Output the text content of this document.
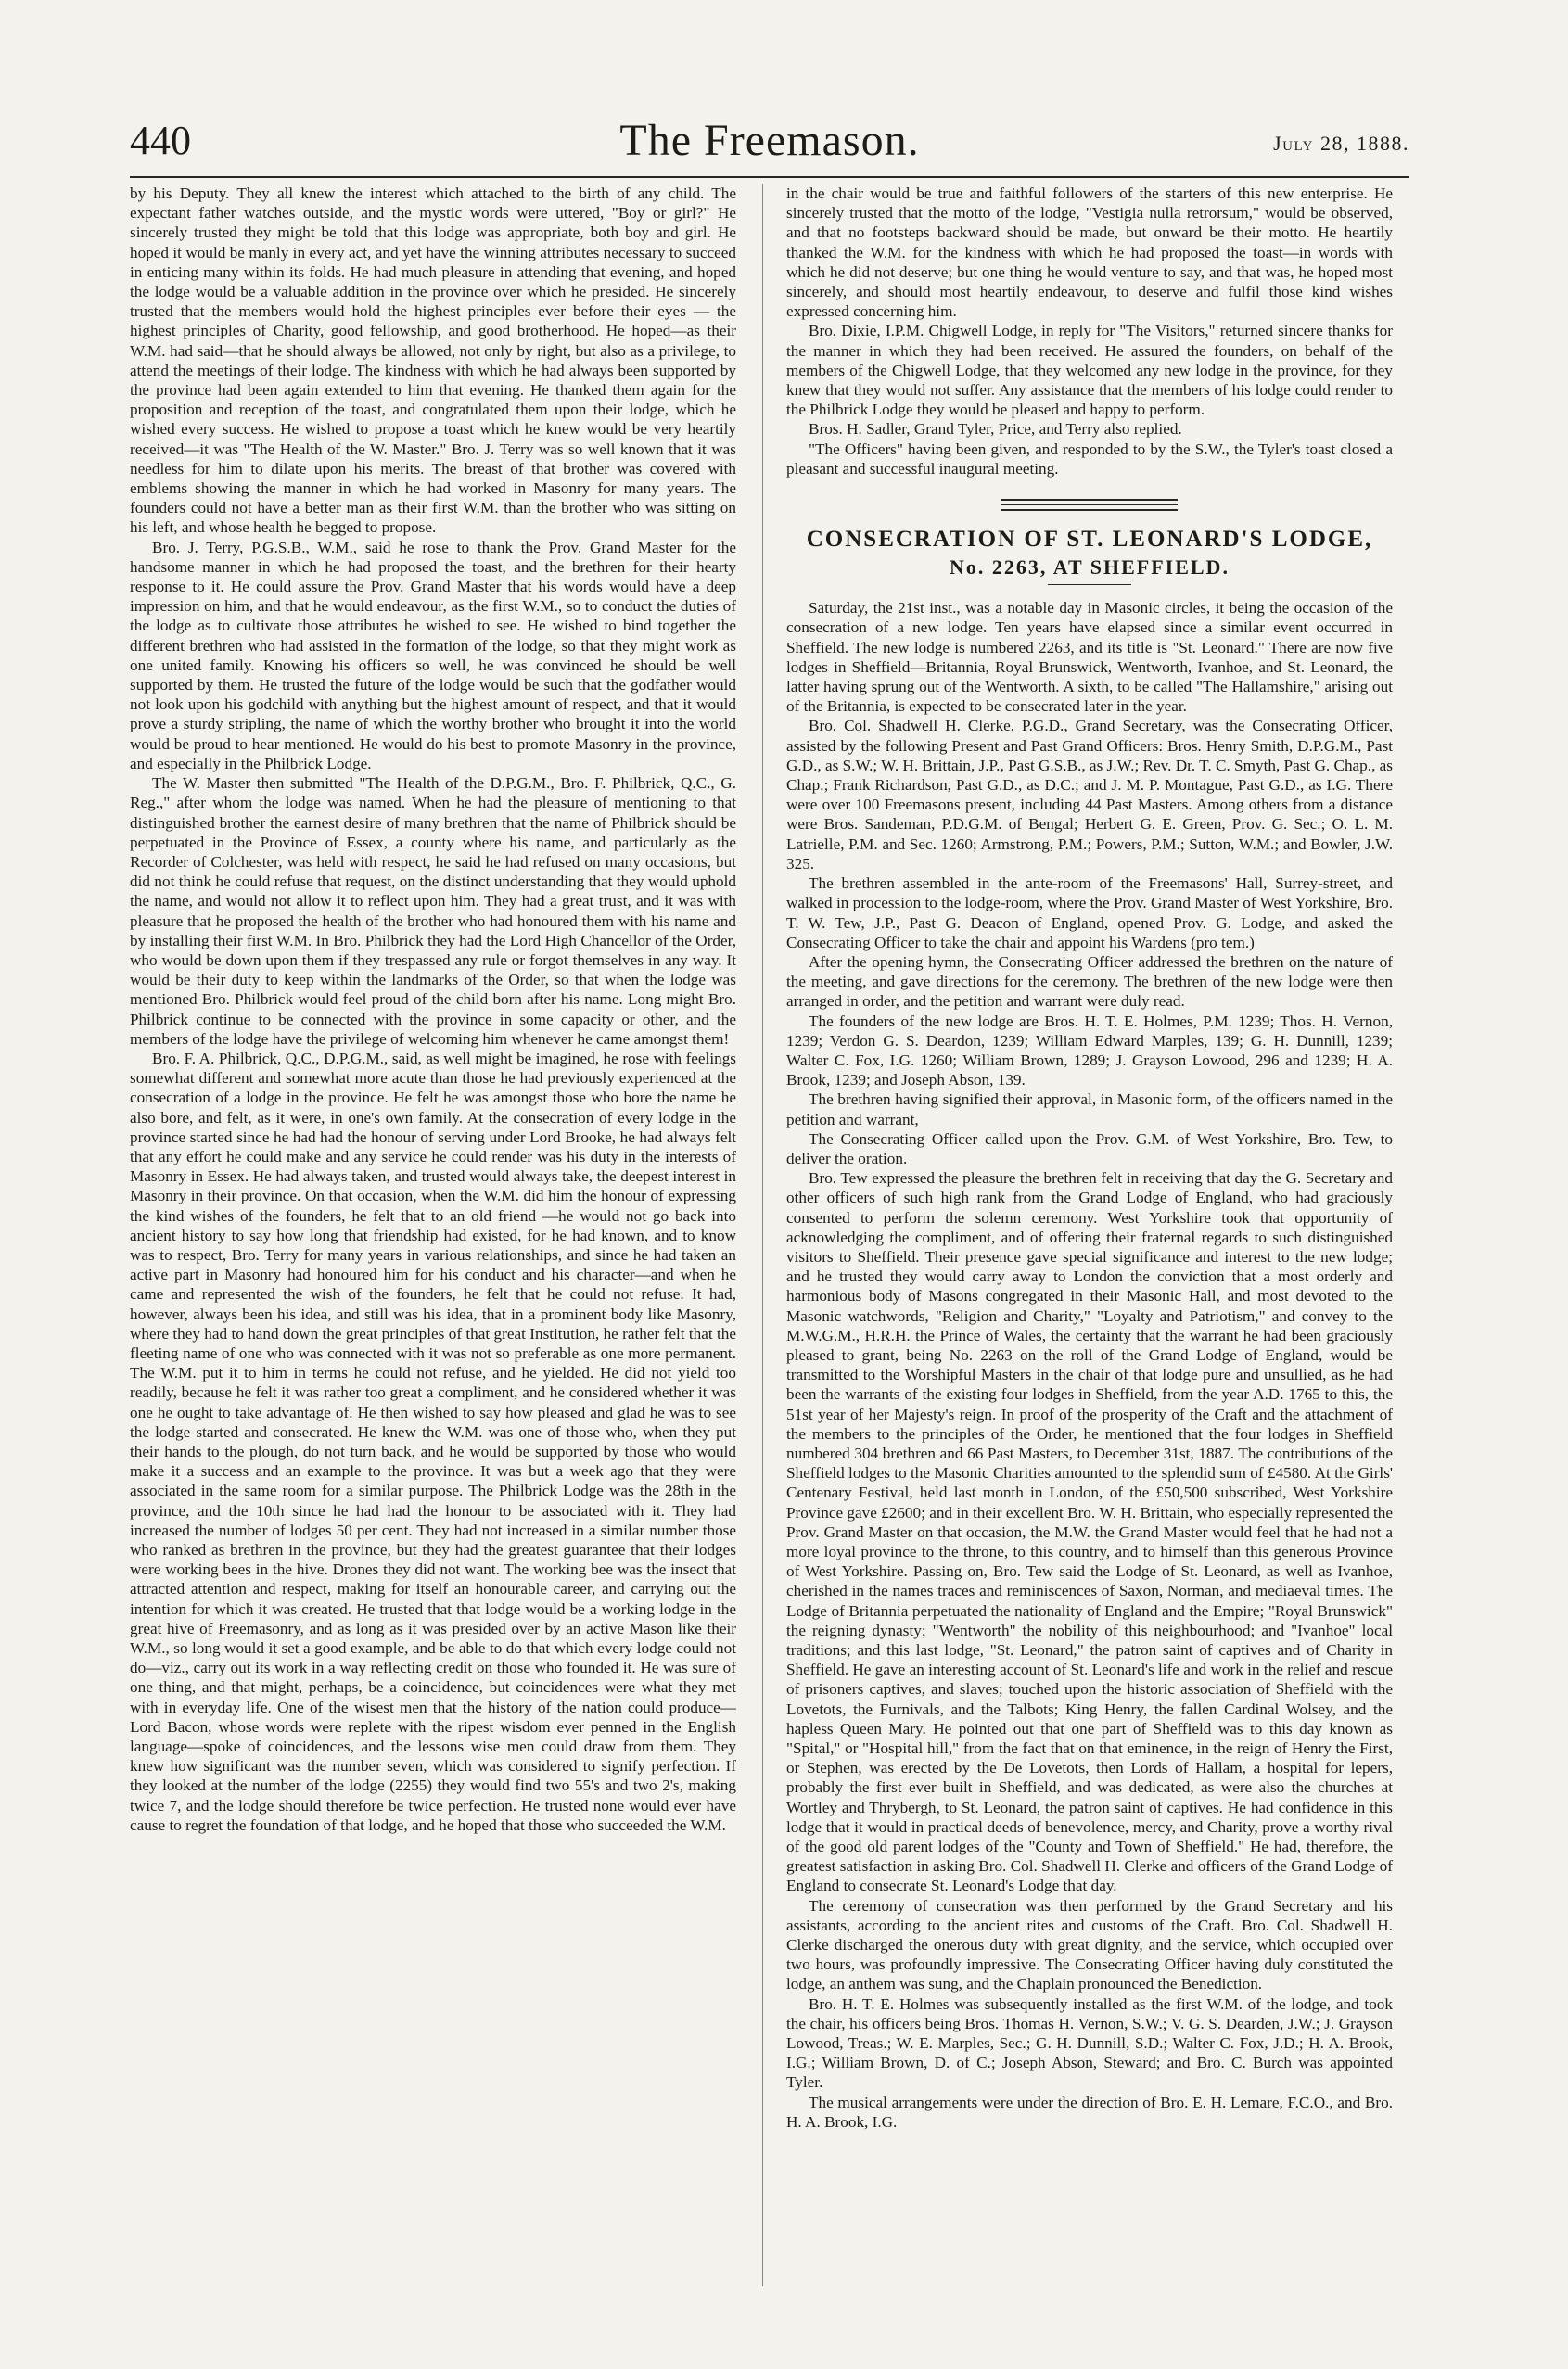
440	The Freemason.	July 28, 1888.

by his Deputy. They all knew the interest which attached to the birth of any child. The expectant father watches outside, and the mystic words were uttered, "Boy or girl?" He sincerely trusted they might be told that this lodge was appropriate, both boy and girl. He hoped it would be manly in every act, and yet have the winning attributes necessary to succeed in enticing many within its folds. He had much pleasure in attending that evening, and hoped the lodge would be a valuable addition in the province over which he presided. He sincerely trusted that the members would hold the highest principles ever before their eyes — the highest principles of Charity, good fellowship, and good brotherhood. He hoped—as their W.M. had said—that he should always be allowed, not only by right, but also as a privilege, to attend the meetings of their lodge. The kindness with which he had always been supported by the province had been again extended to him that evening. He thanked them again for the proposition and reception of the toast, and congratulated them upon their lodge, which he wished every success. He wished to propose a toast which he knew would be very heartily received—it was "The Health of the W. Master." Bro. J. Terry was so well known that it was needless for him to dilate upon his merits. The breast of that brother was covered with emblems showing the manner in which he had worked in Masonry for many years. The founders could not have a better man as their first W.M. than the brother who was sitting on his left, and whose health he begged to propose.

Bro. J. Terry, P.G.S.B., W.M., said he rose to thank the Prov. Grand Master for the handsome manner in which he had proposed the toast, and the brethren for their hearty response to it. He could assure the Prov. Grand Master that his words would have a deep impression on him, and that he would endeavour, as the first W.M., so to conduct the duties of the lodge as to cultivate those attributes he wished to see. He wished to bind together the different brethren who had assisted in the formation of the lodge, so that they might work as one united family. Knowing his officers so well, he was convinced he should be well supported by them. He trusted the future of the lodge would be such that the godfather would not look upon his godchild with anything but the highest amount of respect, and that it would prove a sturdy stripling, the name of which the worthy brother who brought it into the world would be proud to hear mentioned. He would do his best to promote Masonry in the province, and especially in the Philbrick Lodge.

The W. Master then submitted "The Health of the D.P.G.M., Bro. F. Philbrick, Q.C., G. Reg.," after whom the lodge was named. When he had the pleasure of mentioning to that distinguished brother the earnest desire of many brethren that the name of Philbrick should be perpetuated in the Province of Essex, a county where his name, and particularly as the Recorder of Colchester, was held with respect, he said he had refused on many occasions, but did not think he could refuse that request, on the distinct understanding that they would uphold the name, and would not allow it to reflect upon him. They had a great trust, and it was with pleasure that he proposed the health of the brother who had honoured them with his name and by installing their first W.M. In Bro. Philbrick they had the Lord High Chancellor of the Order, who would be down upon them if they trespassed any rule or forgot themselves in any way. It would be their duty to keep within the landmarks of the Order, so that when the lodge was mentioned Bro. Philbrick would feel proud of the child born after his name. Long might Bro. Philbrick continue to be connected with the province in some capacity or other, and the members of the lodge have the privilege of welcoming him whenever he came amongst them!

Bro. F. A. Philbrick, Q.C., D.P.G.M., said, as well might be imagined, he rose with feelings somewhat different and somewhat more acute than those he had previously experienced at the consecration of a lodge in the province. He felt he was amongst those who bore the name he also bore, and felt, as it were, in one's own family. At the consecration of every lodge in the province started since he had had the honour of serving under Lord Brooke, he had always felt that any effort he could make and any service he could render was his duty in the interests of Masonry in Essex. He had always taken, and trusted would always take, the deepest interest in Masonry in their province. On that occasion, when the W.M. did him the honour of expressing the kind wishes of the founders, he felt that to an old friend —he would not go back into ancient history to say how long that friendship had existed, for he had known, and to know was to respect, Bro. Terry for many years in various relationships, and since he had taken an active part in Masonry had honoured him for his conduct and his character—and when he came and represented the wish of the founders, he felt that he could not refuse. It had, however, always been his idea, and still was his idea, that in a prominent body like Masonry, where they had to hand down the great principles of that great Institution, he rather felt that the fleeting name of one who was connected with it was not so preferable as one more permanent. The W.M. put it to him in terms he could not refuse, and he yielded. He did not yield too readily, because he felt it was rather too great a compliment, and he considered whether it was one he ought to take advantage of. He then wished to say how pleased and glad he was to see the lodge started and consecrated. He knew the W.M. was one of those who, when they put their hands to the plough, do not turn back, and he would be supported by those who would make it a success and an example to the province. It was but a week ago that they were associated in the same room for a similar purpose. The Philbrick Lodge was the 28th in the province, and the 10th since he had had the honour to be associated with it. They had increased the number of lodges 50 per cent. They had not increased in a similar number those who ranked as brethren in the province, but they had the greatest guarantee that their lodges were working bees in the hive. Drones they did not want. The working bee was the insect that attracted attention and respect, making for itself an honourable career, and carrying out the intention for which it was created. He trusted that that lodge would be a working lodge in the great hive of Freemasonry, and as long as it was presided over by an active Mason like their W.M., so long would it set a good example, and be able to do that which every lodge could not do—viz., carry out its work in a way reflecting credit on those who founded it. He was sure of one thing, and that might, perhaps, be a coincidence, but coincidences were what they met with in everyday life. One of the wisest men that the history of the nation could produce—Lord Bacon, whose words were replete with the ripest wisdom ever penned in the English language—spoke of coincidences, and the lessons wise men could draw from them. They knew how significant was the number seven, which was considered to signify perfection. If they looked at the number of the lodge (2255) they would find two 55's and two 2's, making twice 7, and the lodge should therefore be twice perfection. He trusted none would ever have cause to regret the foundation of that lodge, and he hoped that those who succeeded the W.M.

in the chair would be true and faithful followers of the starters of this new enterprise. He sincerely trusted that the motto of the lodge, "Vestigia nulla retrorsum," would be observed, and that no footsteps backward should be made, but onward be their motto. He heartily thanked the W.M. for the kindness with which he had proposed the toast—in words with which he did not deserve; but one thing he would venture to say, and that was, he hoped most sincerely, and should most heartily endeavour, to deserve and fulfil those kind wishes expressed concerning him.

Bro. Dixie, I.P.M. Chigwell Lodge, in reply for "The Visitors," returned sincere thanks for the manner in which they had been received. He assured the founders, on behalf of the members of the Chigwell Lodge, that they welcomed any new lodge in the province, for they knew that they would not suffer. Any assistance that the members of his lodge could render to the Philbrick Lodge they would be pleased and happy to perform.

Bros. H. Sadler, Grand Tyler, Price, and Terry also replied.

"The Officers" having been given, and responded to by the S.W., the Tyler's toast closed a pleasant and successful inaugural meeting.

CONSECRATION OF ST. LEONARD'S LODGE,
No. 2263, AT SHEFFIELD.

Saturday, the 21st inst., was a notable day in Masonic circles, it being the occasion of the consecration of a new lodge. Ten years have elapsed since a similar event occurred in Sheffield. The new lodge is numbered 2263, and its title is "St. Leonard." There are now five lodges in Sheffield—Britannia, Royal Brunswick, Wentworth, Ivanhoe, and St. Leonard, the latter having sprung out of the Wentworth. A sixth, to be called "The Hallamshire," arising out of the Britannia, is expected to be consecrated later in the year.

Bro. Col. Shadwell H. Clerke, P.G.D., Grand Secretary, was the Consecrating Officer, assisted by the following Present and Past Grand Officers: Bros. Henry Smith, D.P.G.M., Past G.D., as S.W.; W. H. Brittain, J.P., Past G.S.B., as J.W.; Rev. Dr. T. C. Smyth, Past G. Chap., as Chap.; Frank Richardson, Past G.D., as D.C.; and J. M. P. Montague, Past G.D., as I.G. There were over 100 Freemasons present, including 44 Past Masters. Among others from a distance were Bros. Sandeman, P.D.G.M. of Bengal; Herbert G. E. Green, Prov. G. Sec.; O. L. M. Latrielle, P.M. and Sec. 1260; Armstrong, P.M.; Powers, P.M.; Sutton, W.M.; and Bowler, J.W. 325.

The brethren assembled in the ante-room of the Freemasons' Hall, Surrey-street, and walked in procession to the lodge-room, where the Prov. Grand Master of West Yorkshire, Bro. T. W. Tew, J.P., Past G. Deacon of England, opened Prov. G. Lodge, and asked the Consecrating Officer to take the chair and appoint his Wardens (pro tem.)

After the opening hymn, the Consecrating Officer addressed the brethren on the nature of the meeting, and gave directions for the ceremony. The brethren of the new lodge were then arranged in order, and the petition and warrant were duly read.

The founders of the new lodge are Bros. H. T. E. Holmes, P.M. 1239; Thos. H. Vernon, 1239; Verdon G. S. Deardon, 1239; William Edward Marples, 139; G. H. Dunnill, 1239; Walter C. Fox, I.G. 1260; William Brown, 1289; J. Grayson Lowood, 296 and 1239; H. A. Brook, 1239; and Joseph Abson, 139.

The brethren having signified their approval, in Masonic form, of the officers named in the petition and warrant,

The Consecrating Officer called upon the Prov. G.M. of West Yorkshire, Bro. Tew, to deliver the oration.

Bro. Tew expressed the pleasure the brethren felt in receiving that day the G. Secretary and other officers of such high rank from the Grand Lodge of England, who had graciously consented to perform the solemn ceremony. West Yorkshire took that opportunity of acknowledging the compliment, and of offering their fraternal regards to such distinguished visitors to Sheffield. Their presence gave special significance and interest to the new lodge; and he trusted they would carry away to London the conviction that a most orderly and harmonious body of Masons congregated in their Masonic Hall, and most devoted to the Masonic watchwords, "Religion and Charity," "Loyalty and Patriotism," and convey to the M.W.G.M., H.R.H. the Prince of Wales, the certainty that the warrant he had been graciously pleased to grant, being No. 2263 on the roll of the Grand Lodge of England, would be transmitted to the Worshipful Masters in the chair of that lodge pure and unsullied, as he had been the warrants of the existing four lodges in Sheffield, from the year A.D. 1765 to this, the 51st year of her Majesty's reign. In proof of the prosperity of the Craft and the attachment of the members to the principles of the Order, he mentioned that the four lodges in Sheffield numbered 304 brethren and 66 Past Masters, to December 31st, 1887. The contributions of the Sheffield lodges to the Masonic Charities amounted to the splendid sum of £4580. At the Girls' Centenary Festival, held last month in London, of the £50,500 subscribed, West Yorkshire Province gave £2600; and in their excellent Bro. W. H. Brittain, who especially represented the Prov. Grand Master on that occasion, the M.W. the Grand Master would feel that he had not a more loyal province to the throne, to this country, and to himself than this generous Province of West Yorkshire. Passing on, Bro. Tew said the Lodge of St. Leonard, as well as Ivanhoe, cherished in the names traces and reminiscences of Saxon, Norman, and mediaeval times. The Lodge of Britannia perpetuated the nationality of England and the Empire; "Royal Brunswick" the reigning dynasty; "Wentworth" the nobility of this neighbourhood; and "Ivanhoe" local traditions; and this last lodge, "St. Leonard," the patron saint of captives and of Charity in Sheffield. He gave an interesting account of St. Leonard's life and work in the relief and rescue of prisoners captives, and slaves; touched upon the historic association of Sheffield with the Lovetots, the Furnivals, and the Talbots; King Henry, the fallen Cardinal Wolsey, and the hapless Queen Mary. He pointed out that one part of Sheffield was to this day known as "Spital," or "Hospital hill," from the fact that on that eminence, in the reign of Henry the First, or Stephen, was erected by the De Lovetots, then Lords of Hallam, a hospital for lepers, probably the first ever built in Sheffield, and was dedicated, as were also the churches at Wortley and Thrybergh, to St. Leonard, the patron saint of captives. He had confidence in this lodge that it would in practical deeds of benevolence, mercy, and Charity, prove a worthy rival of the good old parent lodges of the "County and Town of Sheffield." He had, therefore, the greatest satisfaction in asking Bro. Col. Shadwell H. Clerke and officers of the Grand Lodge of England to consecrate St. Leonard's Lodge that day.

The ceremony of consecration was then performed by the Grand Secretary and his assistants, according to the ancient rites and customs of the Craft. Bro. Col. Shadwell H. Clerke discharged the onerous duty with great dignity, and the service, which occupied over two hours, was profoundly impressive. The Consecrating Officer having duly constituted the lodge, an anthem was sung, and the Chaplain pronounced the Benediction.

Bro. H. T. E. Holmes was subsequently installed as the first W.M. of the lodge, and took the chair, his officers being Bros. Thomas H. Vernon, S.W.; V. G. S. Dearden, J.W.; J. Grayson Lowood, Treas.; W. E. Marples, Sec.; G. H. Dunnill, S.D.; Walter C. Fox, J.D.; H. A. Brook, I.G.; William Brown, D. of C.; Joseph Abson, Steward; and Bro. C. Burch was appointed Tyler.

The musical arrangements were under the direction of Bro. E. H. Lemare, F.C.O., and Bro. H. A. Brook, I.G.
